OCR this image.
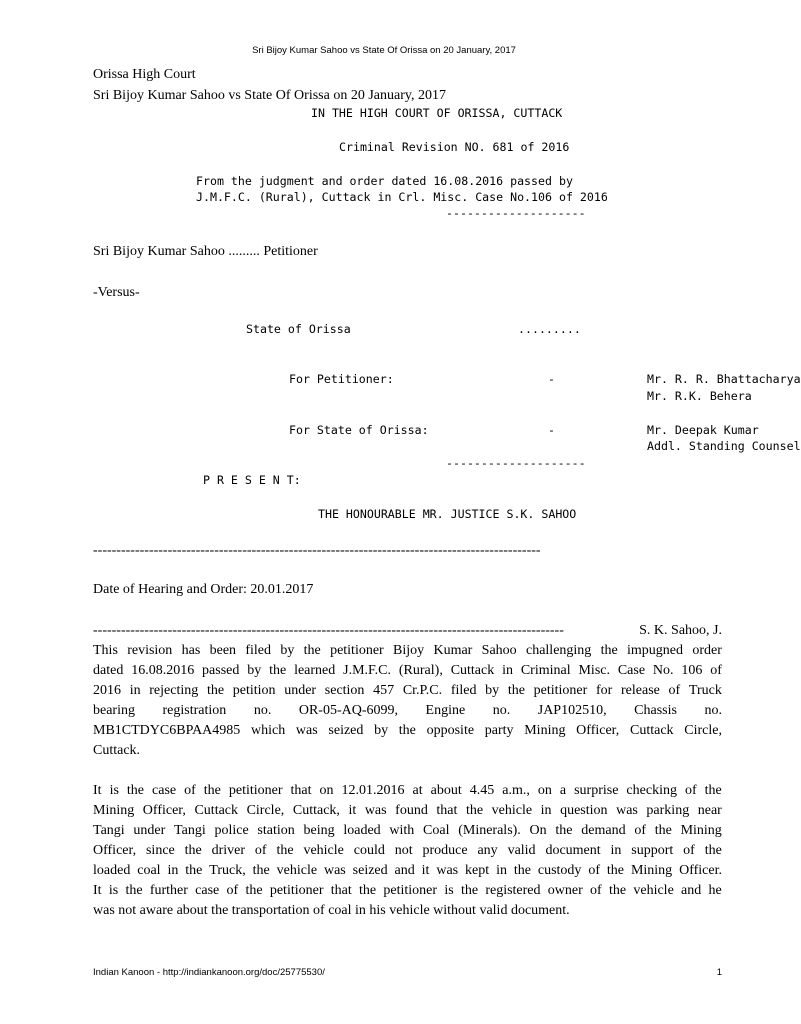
Sri Bijoy Kumar Sahoo vs State Of Orissa on 20 January, 2017
Orissa High Court
Sri Bijoy Kumar Sahoo vs State Of Orissa on 20 January, 2017
IN THE HIGH COURT OF ORISSA, CUTTACK
Criminal Revision NO. 681 of 2016
From the judgment and order dated 16.08.2016 passed by
J.M.F.C. (Rural), Cuttack in Crl. Misc. Case No.106 of 2016
--------------------
Sri Bijoy Kumar Sahoo ......... Petitioner
-Versus-
State of Orissa	.........
For Petitioner:	-	Mr. R. R. Bhattacharya
Mr. R.K. Behera
For State of Orissa:	-	Mr. Deepak Kumar
Addl. Standing Counsel
--------------------
P R E S E N T:
THE HONOURABLE MR. JUSTICE S.K. SAHOO
------------------------------------------------------------------------------------------------
Date of Hearing and Order: 20.01.2017
-----------------------------------------------------------------------------------------------------	S. K. Sahoo, J.
This revision has been filed by the petitioner Bijoy Kumar Sahoo challenging the impugned order
dated 16.08.2016 passed by the learned J.M.F.C. (Rural), Cuttack in Criminal Misc. Case No. 106 of
2016 in rejecting the petition under section 457 Cr.P.C. filed by the petitioner for release of Truck
bearing registration no. OR-05-AQ-6099, Engine no. JAP102510, Chassis no.
MB1CTDYC6BPAA4985 which was seized by the opposite party Mining Officer, Cuttack Circle,
Cuttack.
It is the case of the petitioner that on 12.01.2016 at about 4.45 a.m., on a surprise checking of the
Mining Officer, Cuttack Circle, Cuttack, it was found that the vehicle in question was parking near
Tangi under Tangi police station being loaded with Coal (Minerals). On the demand of the Mining
Officer, since the driver of the vehicle could not produce any valid document in support of the
loaded coal in the Truck, the vehicle was seized and it was kept in the custody of the Mining Officer.
It is the further case of the petitioner that the petitioner is the registered owner of the vehicle and he
was not aware about the transportation of coal in his vehicle without valid document.
Indian Kanoon - http://indiankanoon.org/doc/25775530/	1
